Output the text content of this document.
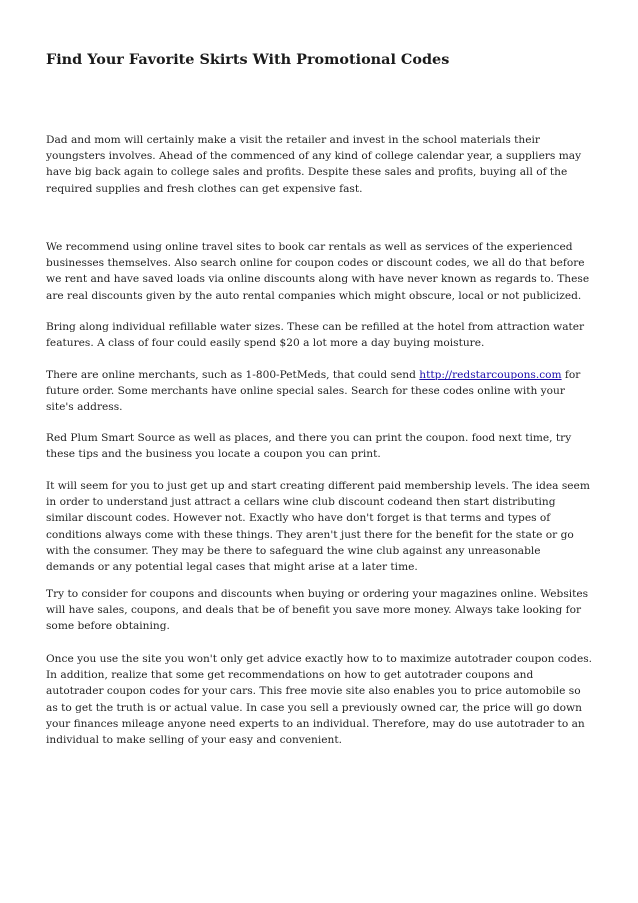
Find Your Favorite Skirts With Promotional Codes

Dad and mom will certainly make a visit the retailer and invest in the school materials their
youngsters involves. Ahead of the commenced of any kind of college calendar year, a suppliers may
have big back again to college sales and profits. Despite these sales and profits, buying all of the
required supplies and fresh clothes can get expensive fast.

We recommend using online travel sites to book car rentals as well as services of the experienced
businesses themselves. Also search online for coupon codes or discount codes, we all do that before
we rent and have saved loads via online discounts along with have never known as regards to. These
are real discounts given by the auto rental companies which might obscure, local or not publicized.

Bring along individual refillable water sizes. These can be refilled at the hotel from attraction water
features. A class of four could easily spend $20 a lot more a day buying moisture.

There are online merchants, such as 1-800-PetMeds, that could send http://redstarcoupons.com for
future order. Some merchants have online special sales. Search for these codes online with your
site's address.

Red Plum Smart Source as well as places, and there you can print the coupon. food next time, try
these tips and the business you locate a coupon you can print.

It will seem for you to just get up and start creating different paid membership levels. The idea seem
in order to understand just attract a cellars wine club discount codeand then start distributing
similar discount codes. However not. Exactly who have don't forget is that terms and types of
conditions always come with these things. They aren't just there for the benefit for the state or go
with the consumer. They may be there to safeguard the wine club against any unreasonable
demands or any potential legal cases that might arise at a later time.

Try to consider for coupons and discounts when buying or ordering your magazines online. Websites
will have sales, coupons, and deals that be of benefit you save more money. Always take looking for
some before obtaining.

Once you use the site you won't only get advice exactly how to to maximize autotrader coupon codes.
In addition, realize that some get recommendations on how to get autotrader coupons and
autotrader coupon codes for your cars. This free movie site also enables you to price automobile so
as to get the truth is or actual value. In case you sell a previously owned car, the price will go down
your finances mileage anyone need experts to an individual. Therefore, may do use autotrader to an
individual to make selling of your easy and convenient.
